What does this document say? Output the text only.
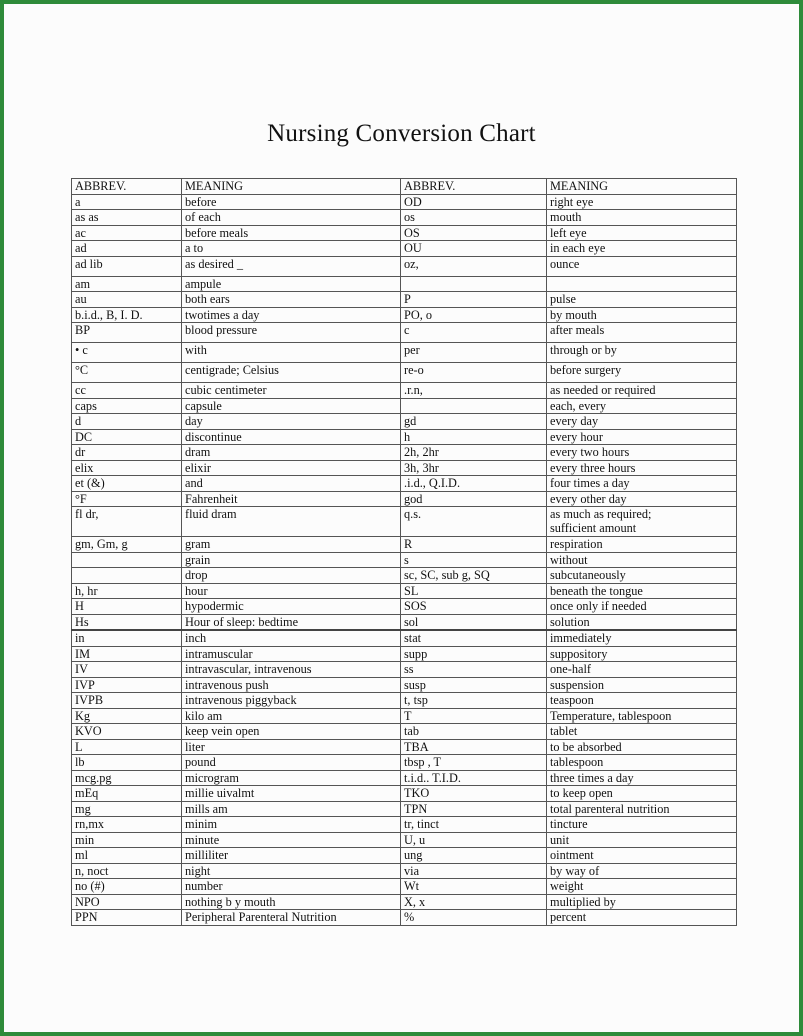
Nursing Conversion Chart
ABBREV.	MEANING	ABBREV.	MEANING
a	before	OD	right eye
as as	of each	os	mouth
ac	before meals	OS	left eye
ad	a to	OU	in each eye
ad lib	as desired _	oz,	ounce
am	ampule		
au	both ears	P	pulse
b.i.d., B, I. D.	twotimes a day	PO, o	by mouth
BP	blood pressure	c	after meals
• c	with	per	through or by
°C	centigrade; Celsius	re-o	before surgery
cc	cubic centimeter	.r.n,	as needed or required
caps	capsule		each, every
d	day	gd	every day
DC	discontinue	h	every hour
dr	dram	2h, 2hr	every two hours
elix	elixir	3h, 3hr	every three hours
et (&)	and	.i.d., Q.I.D.	four times a day
°F	Fahrenheit	god	every other day
fl dr,	fluid dram	q.s.	as much as required;
sufficient amount
gm, Gm, g	gram	R	respiration
	grain	s	without
	drop	sc, SC, sub g, SQ	subcutaneously
h, hr	hour	SL	beneath the tongue
H	hypodermic	SOS	once only if needed
Hs	Hour of sleep: bedtime	sol	solution
in	inch	stat	immediately
IM	intramuscular	supp	suppository
IV	intravascular, intravenous	ss	one-half
IVP	intravenous push	susp	suspension
IVPB	intravenous piggyback	t, tsp	teaspoon
Kg	kilo am	T	Temperature, tablespoon
KVO	keep vein open	tab	tablet
L	liter	TBA	to be absorbed
lb	pound	tbsp , T	tablespoon
mcg.pg	microgram	t.i.d.. T.I.D.	three times a day
mEq	millie uivalmt	TKO	to keep open
mg	mills am	TPN	total parenteral nutrition
rn,mx	minim	tr, tinct	tincture
min	minute	U, u	unit
ml	milliliter	ung	ointment
n, noct	night	via	by way of
no (#)	number	Wt	weight
NPO	nothing b y mouth	X, x	multiplied by
PPN	Peripheral Parenteral Nutrition	%	percent
